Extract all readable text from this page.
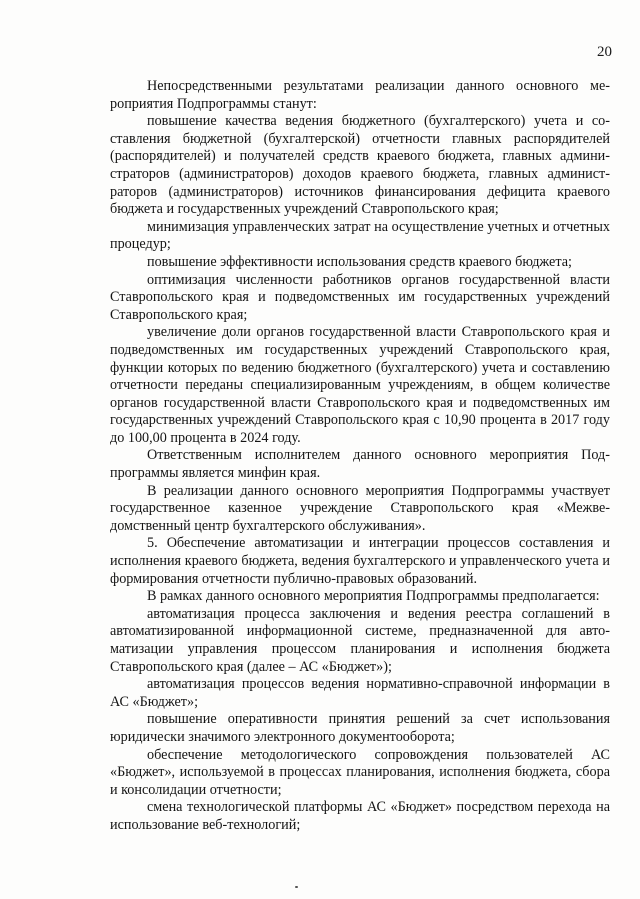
20

Непосредственными результатами реализации данного основного мероприятия Подпрограммы станут:

повышение качества ведения бюджетного (бухгалтерского) учета и составления бюджетной (бухгалтерской) отчетности главных распорядителей (распорядителей) и получателей средств краевого бюджета, главных администраторов (администраторов) доходов краевого бюджета, главных администраторов (администраторов) источников финансирования дефицита краевого бюджета и государственных учреждений Ставропольского края;

минимизация управленческих затрат на осуществление учетных и отчетных процедур;

повышение эффективности использования средств краевого бюджета;

оптимизация численности работников органов государственной власти Ставропольского края и подведомственных им государственных учреждений Ставропольского края;

увеличение доли органов государственной власти Ставропольского края и подведомственных им государственных учреждений Ставропольского края, функции которых по ведению бюджетного (бухгалтерского) учета и составлению отчетности переданы специализированным учреждениям, в общем количестве органов государственной власти Ставропольского края и подведомственных им государственных учреждений Ставропольского края с 10,90 процента в 2017 году до 100,00 процента в 2024 году.

Ответственным исполнителем данного основного мероприятия Подпрограммы является минфин края.

В реализации данного основного мероприятия Подпрограммы участвует государственное казенное учреждение Ставропольского края «Межведомственный центр бухгалтерского обслуживания».

5. Обеспечение автоматизации и интеграции процессов составления и исполнения краевого бюджета, ведения бухгалтерского и управленческого учета и формирования отчетности публично-правовых образований.

В рамках данного основного мероприятия Подпрограммы предполагается:

автоматизация процесса заключения и ведения реестра соглашений в автоматизированной информационной системе, предназначенной для автоматизации управления процессом планирования и исполнения бюджета Ставропольского края (далее – АС «Бюджет»);

автоматизация процессов ведения нормативно-справочной информации в АС «Бюджет»;

повышение оперативности принятия решений за счет использования юридически значимого электронного документооборота;

обеспечение методологического сопровождения пользователей АС «Бюджет», используемой в процессах планирования, исполнения бюджета, сбора и консолидации отчетности;

смена технологической платформы АС «Бюджет» посредством перехода на использование веб-технологий;
